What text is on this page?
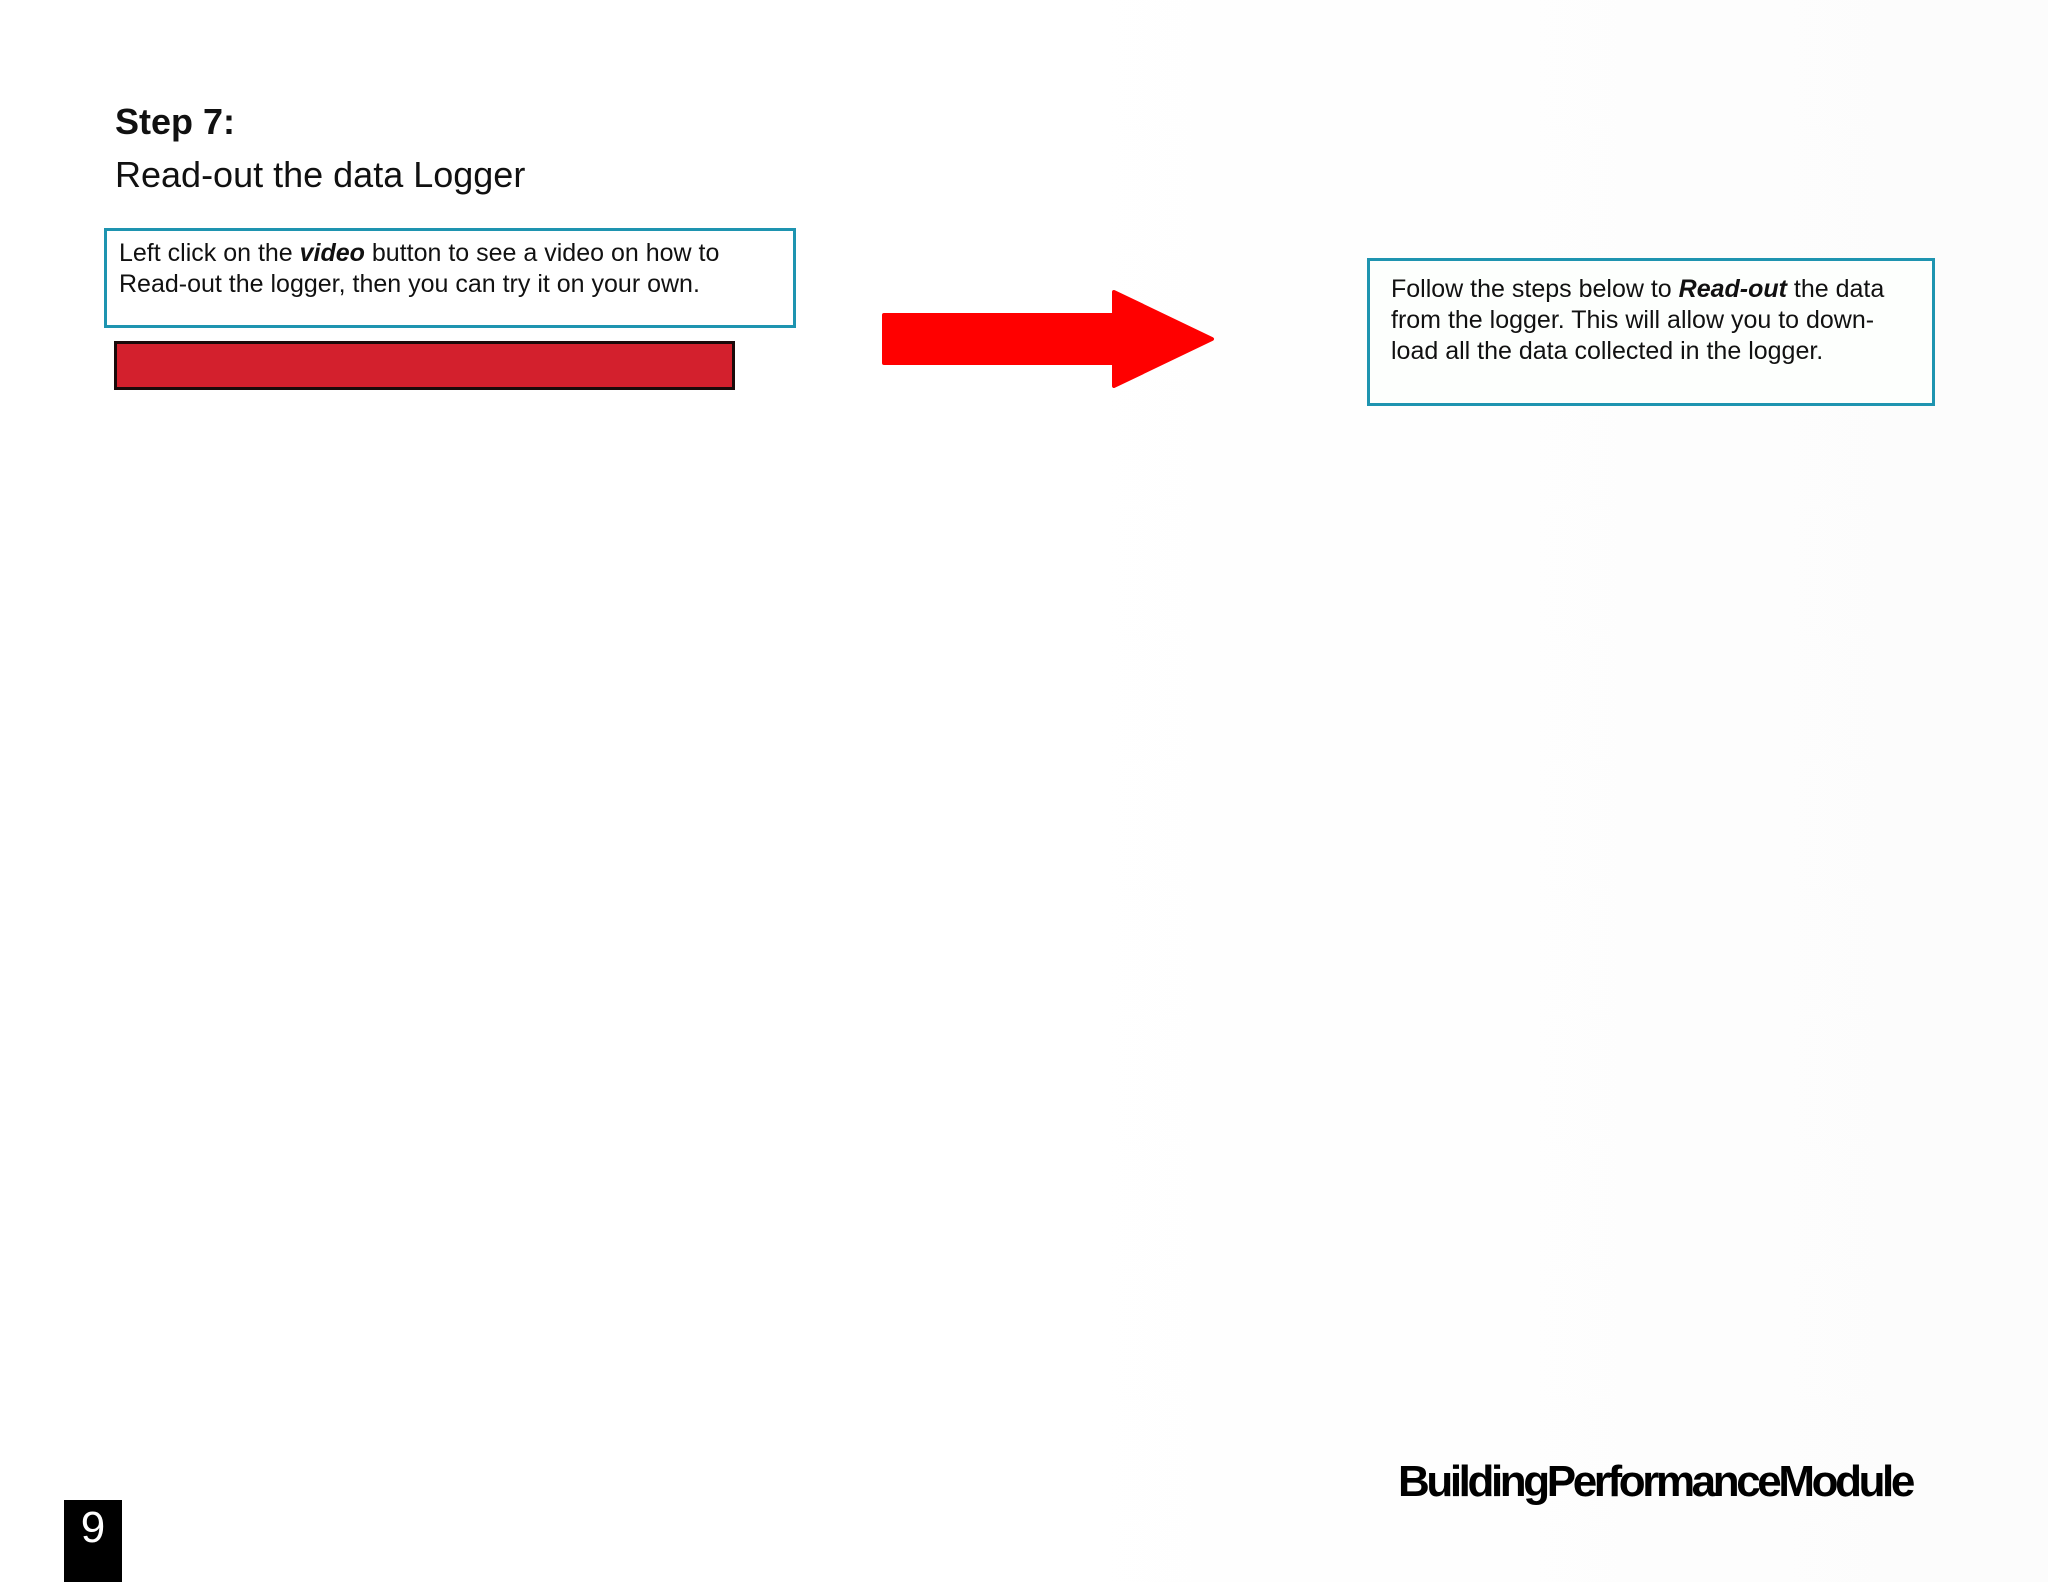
Step 7:
Read-out the data Logger
Left click on the video button to see a video on how to
Read-out the logger, then you can try it on your own.	Follow the steps below to Read-out the data
from the logger. This will allow you to down-
load all the data collected in the logger.
BuildingPerformanceModule
9
